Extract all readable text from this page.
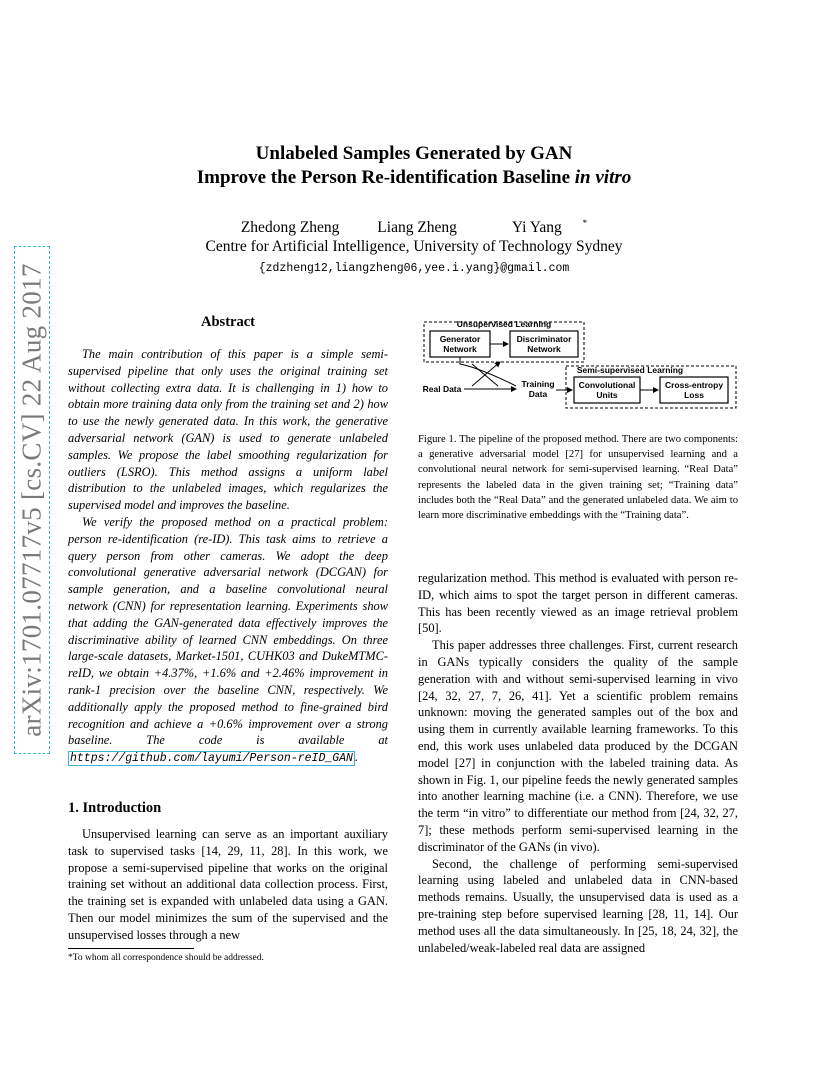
arXiv:1701.07717v5 [cs.CV] 22 Aug 2017
Unlabeled Samples Generated by GAN
Improve the Person Re-identification Baseline in vitro
Zhedong Zheng Liang Zheng	Yi Yang *
Centre for Artificial Intelligence, University of Technology Sydney
{zdzheng12,liangzheng06,yee.i.yang}@gmail.com
Abstract

The main contribution of this paper is a simple semi-supervised pipeline that only uses the original training set without collecting extra data. It is challenging in 1) how to obtain more training data only from the training set and 2) how to use the newly generated data. In this work, the generative adversarial network (GAN) is used to generate unlabeled samples. We propose the label smoothing regularization for outliers (LSRO). This method assigns a uniform label distribution to the unlabeled images, which regularizes the supervised model and improves the baseline.

We verify the proposed method on a practical problem: person re-identification (re-ID). This task aims to retrieve a query person from other cameras. We adopt the deep convolutional generative adversarial network (DCGAN) for sample generation, and a baseline convolutional neural network (CNN) for representation learning. Experiments show that adding the GAN-generated data effectively improves the discriminative ability of learned CNN embeddings. On three large-scale datasets, Market-1501, CUHK03 and DukeMTMC-reID, we obtain +4.37%, +1.6% and +2.46% improvement in rank-1 precision over the baseline CNN, respectively. We additionally apply the proposed method to fine-grained bird recognition and achieve a +0.6% improvement over a strong baseline. The code is available at https://github.com/layumi/Person-reID_GAN .

1. Introduction

Unsupervised learning can serve as an important auxiliary task to supervised tasks [14, 29, 11, 28]. In this work, we propose a semi-supervised pipeline that works on the original training set without an additional data collection process. First, the training set is expanded with unlabeled data using a GAN. Then our model minimizes the sum of the supervised and the unsupervised losses through a new

*To whom all correspondence should be addressed.
Unsupervised Learning
Generator
Network
Discriminator
Network
Semi-supervised Learning
Real Data	Training
Data
Convolutional
Units
Cross-entropy
Loss
Figure 1. The pipeline of the proposed method. There are two components: a generative adversarial model [27] for unsupervised learning and a convolutional neural network for semi-supervised learning. “Real Data” represents the labeled data in the given training set; “Training data” includes both the “Real Data” and the generated unlabeled data. We aim to learn more discriminative embeddings with the “Training data”.

regularization method. This method is evaluated with person re-ID, which aims to spot the target person in different cameras. This has been recently viewed as an image retrieval problem [50].

This paper addresses three challenges. First, current research in GANs typically considers the quality of the sample generation with and without semi-supervised learning in vivo [24, 32, 27, 7, 26, 41]. Yet a scientific problem remains unknown: moving the generated samples out of the box and using them in currently available learning frameworks. To this end, this work uses unlabeled data produced by the DCGAN model [27] in conjunction with the labeled training data. As shown in Fig. 1, our pipeline feeds the newly generated samples into another learning machine (i.e. a CNN). Therefore, we use the term “in vitro” to differentiate our method from [24, 32, 27, 7]; these methods perform semi-supervised learning in the discriminator of the GANs (in vivo).

Second, the challenge of performing semi-supervised learning using labeled and unlabeled data in CNN-based methods remains. Usually, the unsupervised data is used as a pre-training step before supervised learning [28, 11, 14]. Our method uses all the data simultaneously. In [25, 18, 24, 32], the unlabeled/weak-labeled real data are assigned
